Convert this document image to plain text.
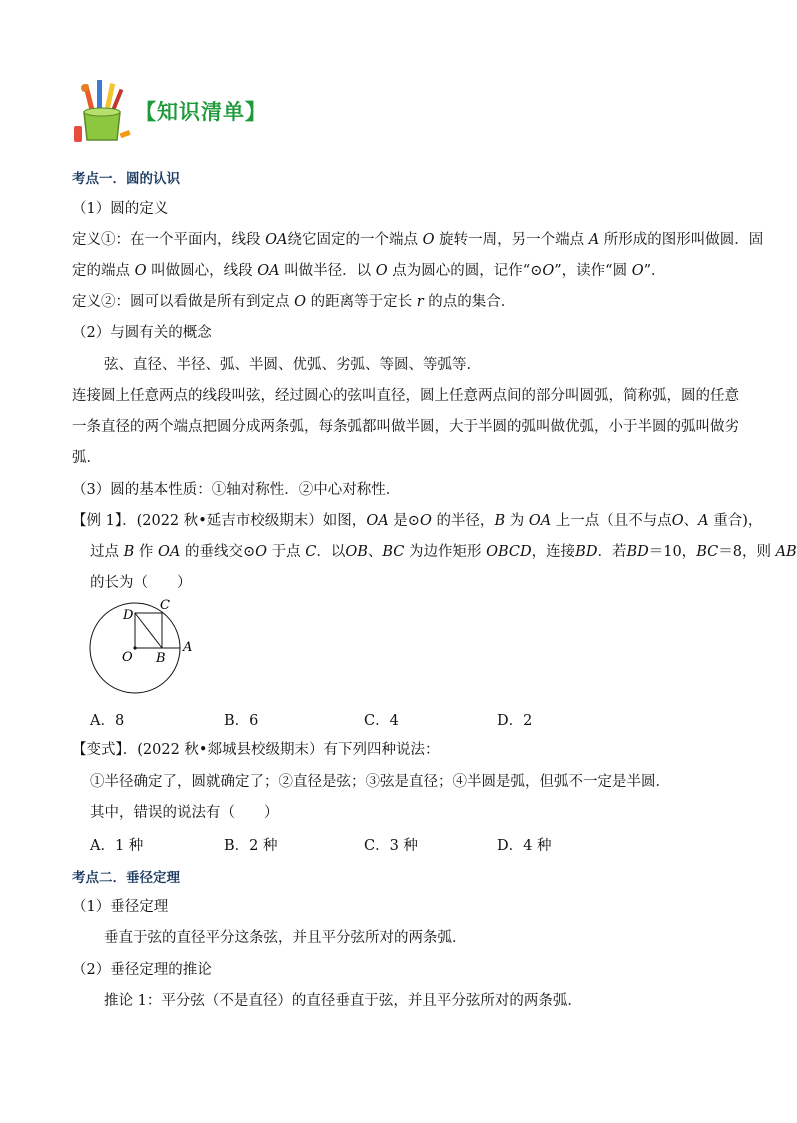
【知识清单】
考点一．圆的认识
（1）圆的定义
定义①：在一个平面内，线段 OA绕它固定的一个端点 O 旋转一周，另一个端点 A 所形成的图形叫做圆．固
定的端点 O 叫做圆心，线段 OA 叫做半径．以 O 点为圆心的圆，记作“⊙O”，读作“圆 O”．
定义②：圆可以看做是所有到定点 O 的距离等于定长 r 的点的集合．
（2）与圆有关的概念
弦、直径、半径、弧、半圆、优弧、劣弧、等圆、等弧等．
连接圆上任意两点的线段叫弦，经过圆心的弦叫直径，圆上任意两点间的部分叫圆弧，简称弧，圆的任意
一条直径的两个端点把圆分成两条弧，每条弧都叫做半圆，大于半圆的弧叫做优弧，小于半圆的弧叫做劣
弧．
（3）圆的基本性质：①轴对称性．②中心对称性．
【例 1】．(2022 秋•延吉市校级期末）如图，OA 是⊙O 的半径，B 为 OA 上一点（且不与点O、A 重合)，
过点 B 作 OA 的垂线交⊙O 于点 C．以OB、BC 为边作矩形 OBCD，连接BD．若BD＝10，BC＝8，则 AB
的长为（　　）
D
C
O B
A
A．8	B．6	C．4	D．2
【变式】．(2022 秋•郯城县校级期末）有下列四种说法：
①半径确定了，圆就确定了；②直径是弦；③弦是直径；④半圆是弧，但弧不一定是半圆．
其中，错误的说法有（　　）
A．1 种	B．2 种	C．3 种	D．4 种
考点二．垂径定理
（1）垂径定理
垂直于弦的直径平分这条弦，并且平分弦所对的两条弧．
（2）垂径定理的推论
推论 1：平分弦（不是直径）的直径垂直于弦，并且平分弦所对的两条弧．
